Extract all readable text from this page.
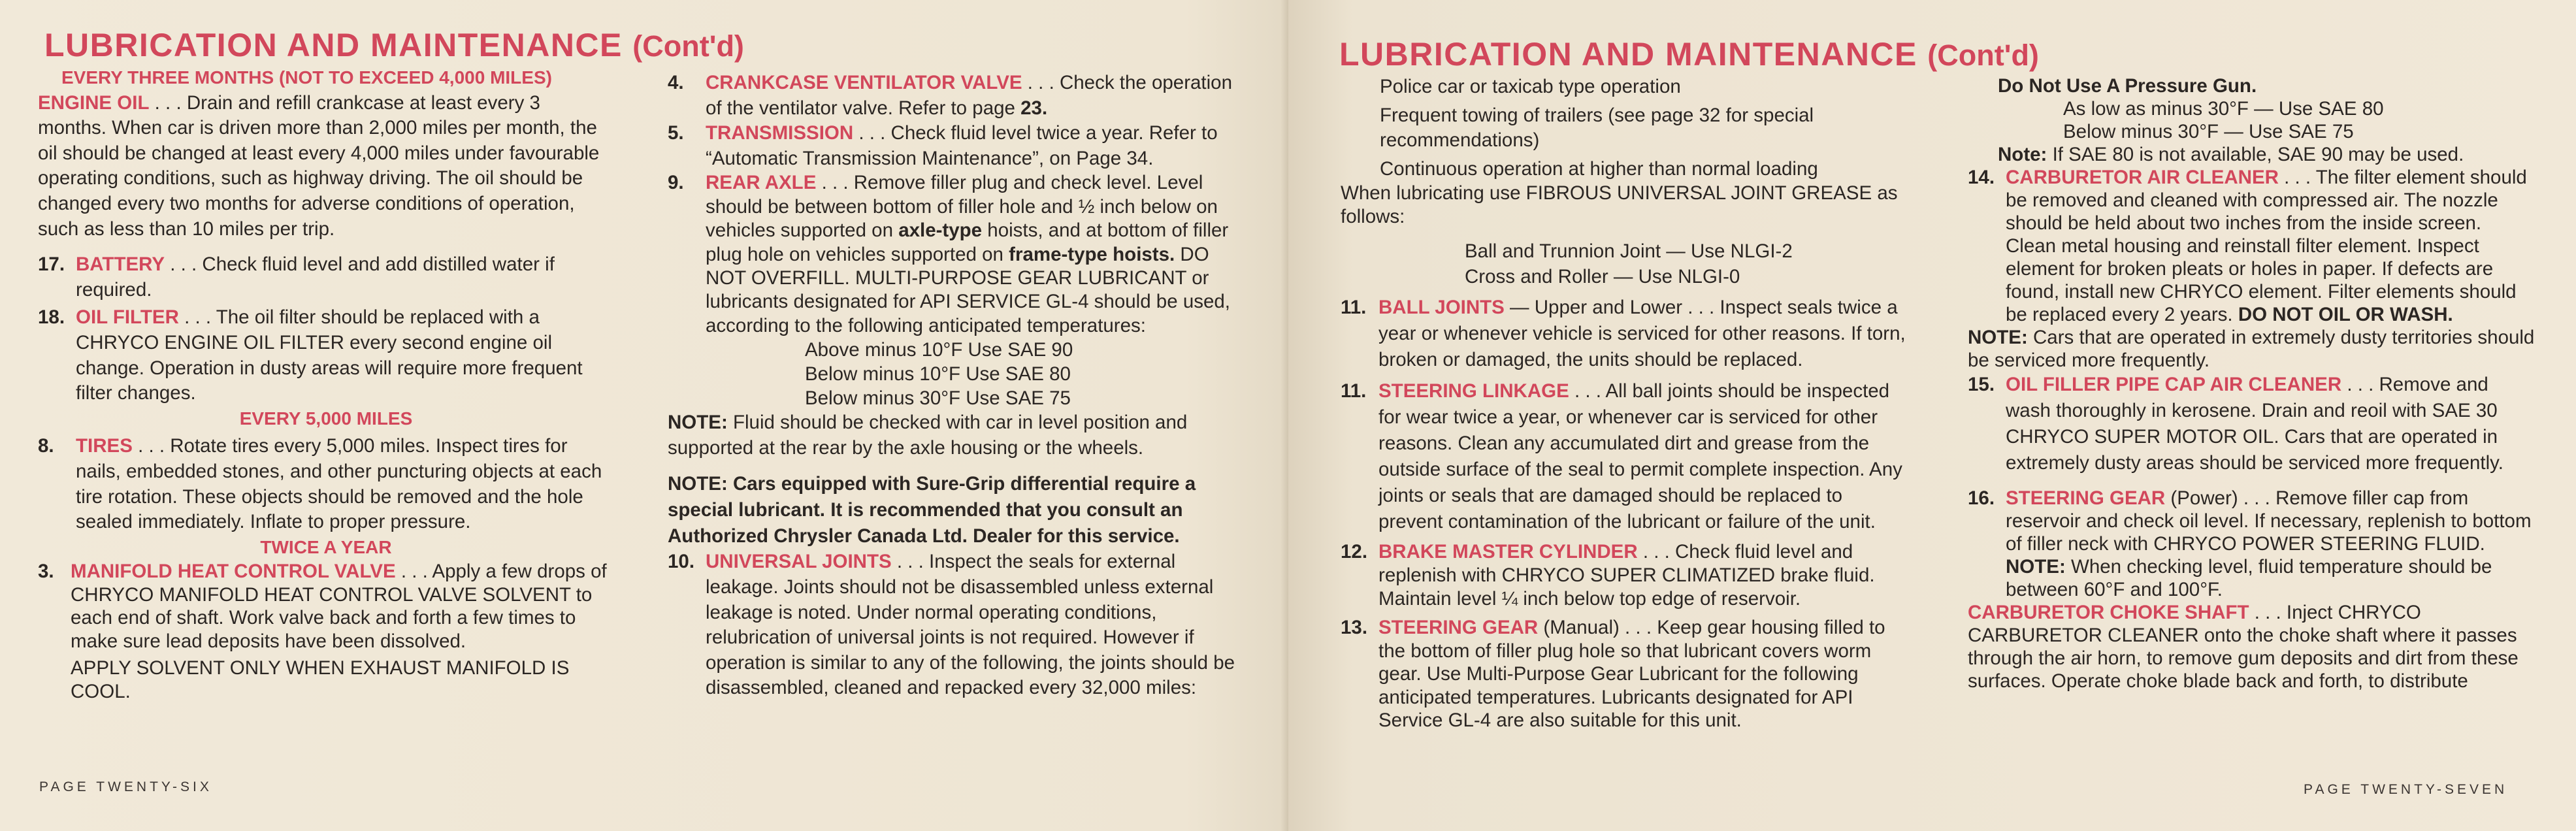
LUBRICATION AND MAINTENANCE (Cont'd)
EVERY THREE MONTHS (NOT TO EXCEED 4,000 MILES)

ENGINE OIL . . . Drain and refill crankcase at least every 3 months. When car is driven more than 2,000 miles per month, the oil should be changed at least every 4,000 miles under favourable operating conditions, such as highway driving. The oil should be changed every two months for adverse conditions of operation, such as less than 10 miles per trip.

17. BATTERY . . . Check fluid level and add distilled water if required.
18. OIL FILTER . . . The oil filter should be replaced with a CHRYCO ENGINE OIL FILTER every second engine oil change. Operation in dusty areas will require more frequent filter changes.
EVERY 5,000 MILES
8. TIRES . . . Rotate tires every 5,000 miles. Inspect tires for nails, embedded stones, and other puncturing objects at each tire rotation. These objects should be removed and the hole sealed immediately. Inflate to proper pressure.
TWICE A YEAR
3. MANIFOLD HEAT CONTROL VALVE . . . Apply a few drops of CHRYCO MANIFOLD HEAT CONTROL VALVE SOLVENT to each end of shaft. Work valve back and forth a few times to make sure lead deposits have been dissolved.
APPLY SOLVENT ONLY WHEN EXHAUST MANIFOLD IS COOL.
4. CRANKCASE VENTILATOR VALVE . . . Check the operation of the ventilator valve. Refer to page 23.
5. TRANSMISSION . . . Check fluid level twice a year. Refer to “Automatic Transmission Maintenance”, on Page 34.
9. REAR AXLE . . . Remove filler plug and check level. Level should be between bottom of filler hole and ½ inch below on vehicles supported on axle-type hoists, and at bottom of filler plug hole on vehicles supported on frame-type hoists. DO NOT OVERFILL. MULTI-PURPOSE GEAR LUBRICANT or lubricants designated for API SERVICE GL-4 should be used, according to the following anticipated temperatures:
Above minus 10°F Use SAE 90
Below minus 10°F Use SAE 80
Below minus 30°F Use SAE 75

NOTE: Fluid should be checked with car in level position and supported at the rear by the axle housing or the wheels.

NOTE: Cars equipped with Sure-Grip differential require a special lubricant. It is recommended that you consult an Authorized Chrysler Canada Ltd. Dealer for this service.

10. UNIVERSAL JOINTS . . . Inspect the seals for external leakage. Joints should not be disassembled unless external leakage is noted. Under normal operating conditions, relubrication of universal joints is not required. However if operation is similar to any of the following, the joints should be disassembled, cleaned and repacked every 32,000 miles:
PAGE TWENTY-SIX
LUBRICATION AND MAINTENANCE (Cont'd)
Police car or taxicab type operation
Frequent towing of trailers (see page 32 for special recommendations)
Continuous operation at higher than normal loading

When lubricating use FIBROUS UNIVERSAL JOINT GREASE as follows:

Ball and Trunnion Joint — Use NLGI-2
Cross and Roller — Use NLGI-0
11. BALL JOINTS — Upper and Lower . . . Inspect seals twice a year or whenever vehicle is serviced for other reasons. If torn, broken or damaged, the units should be replaced.
11. STEERING LINKAGE . . . All ball joints should be inspected for wear twice a year, or whenever car is serviced for other reasons. Clean any accumulated dirt and grease from the outside surface of the seal to permit complete inspection. Any joints or seals that are damaged should be replaced to prevent contamination of the lubricant or failure of the unit.
12. BRAKE MASTER CYLINDER . . . Check fluid level and replenish with CHRYCO SUPER CLIMATIZED brake fluid. Maintain level ¼ inch below top edge of reservoir.
13. STEERING GEAR (Manual) . . . Keep gear housing filled to the bottom of filler plug hole so that lubricant covers worm gear. Use Multi-Purpose Gear Lubricant for the following anticipated temperatures. Lubricants designated for API Service GL-4 are also suitable for this unit.

Do Not Use A Pressure Gun.

As low as minus 30°F — Use SAE 80
Below minus 30°F — Use SAE 75

Note: If SAE 80 is not available, SAE 90 may be used.

14. CARBURETOR AIR CLEANER . . . The filter element should be removed and cleaned with compressed air. The nozzle should be held about two inches from the inside screen. Clean metal housing and reinstall filter element. Inspect element for broken pleats or holes in paper. If defects are found, install new CHRYCO element. Filter elements should be replaced every 2 years. DO NOT OIL OR WASH.

NOTE: Cars that are operated in extremely dusty territories should be serviced more frequently.

15. OIL FILLER PIPE CAP AIR CLEANER . . . Remove and wash thoroughly in kerosene. Drain and reoil with SAE 30 CHRYCO SUPER MOTOR OIL. Cars that are operated in extremely dusty areas should be serviced more frequently.
16. STEERING GEAR (Power) . . . Remove filler cap from reservoir and check oil level. If necessary, replenish to bottom of filler neck with CHRYCO POWER STEERING FLUID.
NOTE: When checking level, fluid temperature should be between 60°F and 100°F.

CARBURETOR CHOKE SHAFT . . . Inject CHRYCO CARBURETOR CLEANER onto the choke shaft where it passes through the air horn, to remove gum deposits and dirt from these surfaces. Operate choke blade back and forth, to distribute

PAGE TWENTY-SEVEN
